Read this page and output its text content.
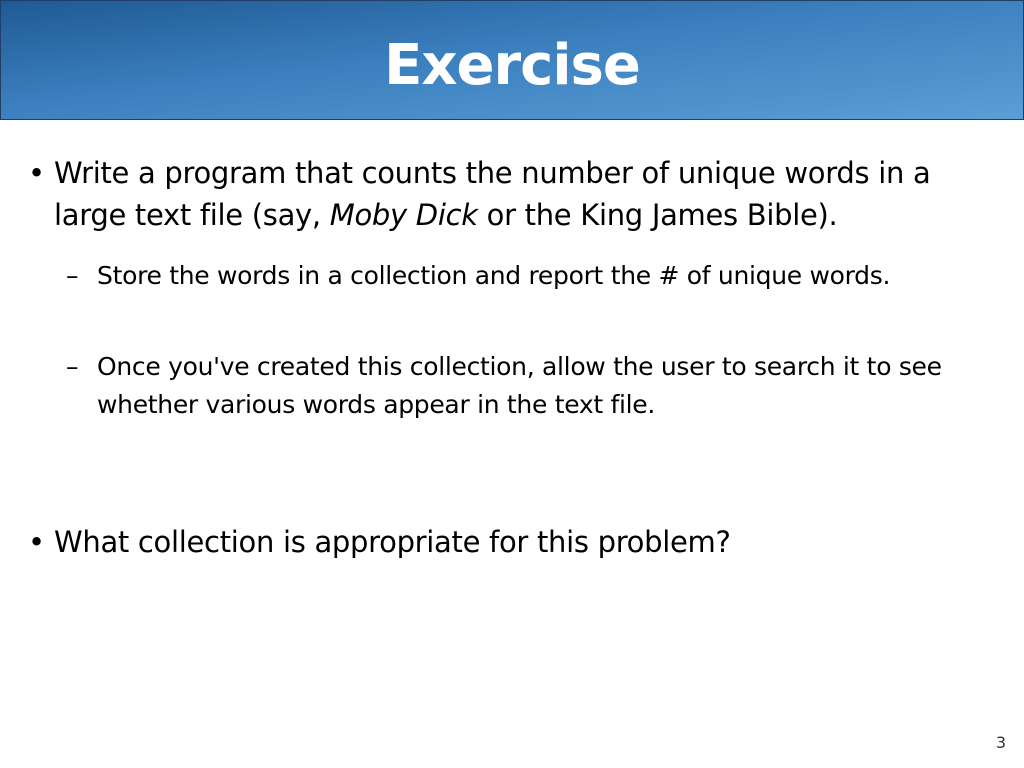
Exercise
• Write a program that counts the number of unique words in a large text file (say, Moby Dick or the King James Bible).
– Store the words in a collection and report the # of unique words.
– Once you've created this collection, allow the user to search it to see whether various words appear in the text file.
• What collection is appropriate for this problem?
3
